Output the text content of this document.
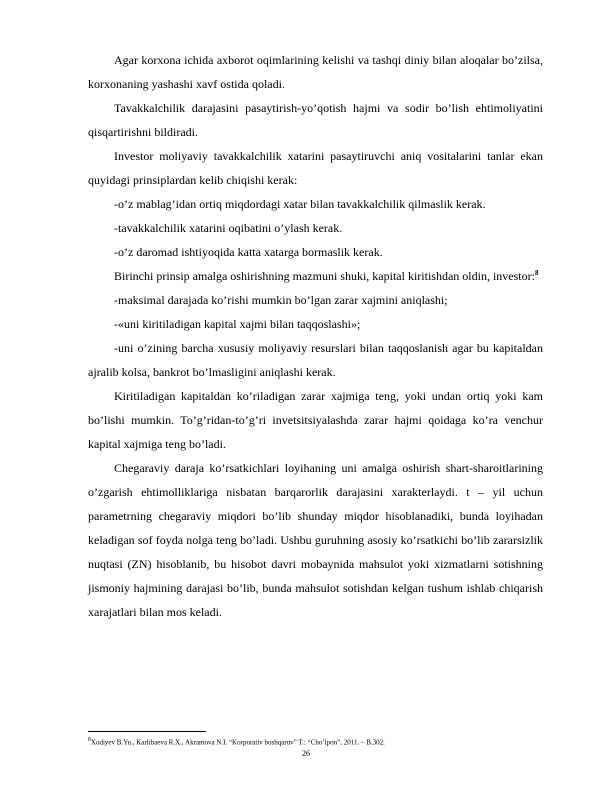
Agar korxona ichida axborot oqimlarining kelishi va tashqi diniy bilan aloqalar bo’zilsa, korxonaning yashashi xavf ostida qoladi.

Tavakkalchilik darajasini pasaytirish-yo’qotish hajmi va sodir bo’lish ehtimoliyatini qisqartirishni bildiradi.

Investor moliyaviy tavakkalchilik xatarini pasaytiruvchi aniq vositalarini tanlar ekan quyidagi prinsiplardan kelib chiqishi kerak:

-o’z mablag’idan ortiq miqdordagi xatar bilan tavakkalchilik qilmaslik kerak.

-tavakkalchilik xatarini oqibatini o’ylash kerak.

-o’z daromad ishtiyoqida katta xatarga bormaslik kerak.

Birinchi prinsip amalga oshirishning mazmuni shuki, kapital kiritishdan oldin, investor:$^8$

-maksimal darajada ko’rishi mumkin bo’lgan zarar xajmini aniqlashi;

-«uni kiritiladigan kapital xajmi bilan taqqoslashi»;

-uni o’zining barcha xususiy moliyaviy resurslari bilan taqqoslanish agar bu kapitaldan ajralib kolsa, bankrot bo’lmasligini aniqlashi kerak.

Kiritiladigan kapitaldan ko’riladigan zarar xajmiga teng, yoki undan ortiq yoki kam bo’lishi mumkin. To’g’ridan-to’g’ri invetsitsiyalashda zarar hajmi qoidaga ko’ra venchur kapital xajmiga teng bo’ladi.

Chegaraviy daraja ko’rsatkichlari loyihaning uni amalga oshirish shart-sharoitlarining o’zgarish ehtimolliklariga nisbatan barqarorlik darajasini xarakterlaydi. t – yil uchun parametrning chegaraviy miqdori bo’lib shunday miqdor hisoblanadiki, bunda loyihadan keladigan sof foyda nolga teng bo’ladi. Ushbu guruhning asosiy ko’rsatkichi bo’lib zararsizlik nuqtasi (ZN) hisoblanib, bu hisobot davri mobaynida mahsulot yoki xizmatlarni sotishning jismoniy hajmining darajasi bo’lib, bunda mahsulot sotishdan kelgan tushum ishlab chiqarish xarajatlari bilan mos keladi.

$^8$Xodiyev B.Yu., Karlibaeva R.X., Akramova N.I. “Korporativ boshqaruv” T.: “Cho’lpon”, 2011. – B.302.
26
